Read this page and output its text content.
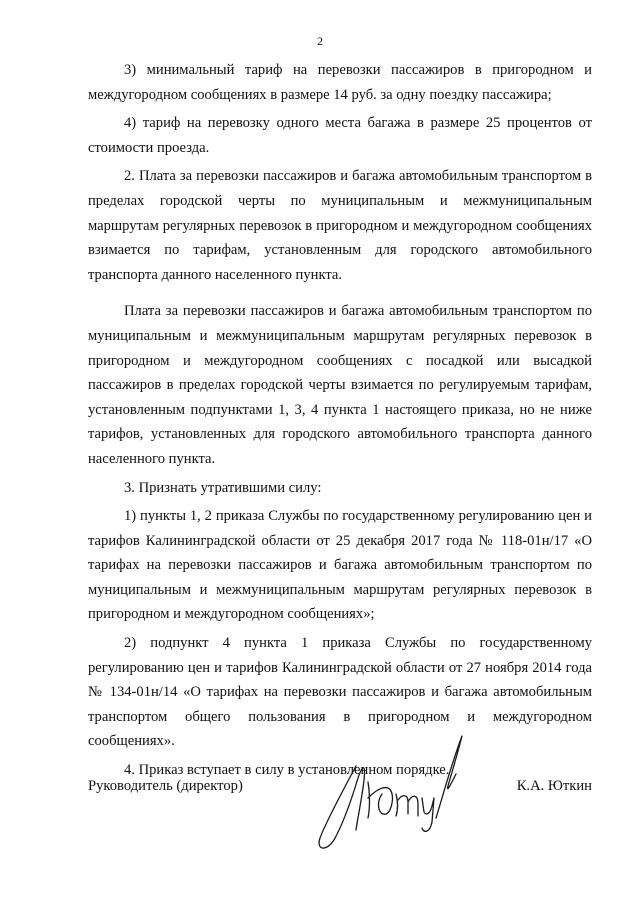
2

3) минимальный тариф на перевозки пассажиров в пригородном и междугородном сообщениях в размере 14 руб. за одну поездку пассажира;

4) тариф на перевозку одного места багажа в размере 25 процентов от стоимости проезда.

2. Плата за перевозки пассажиров и багажа автомобильным транспортом в пределах городской черты по муниципальным и межмуниципальным маршрутам регулярных перевозок в пригородном и междугородном сообщениях взимается по тарифам, установленным для городского автомобильного транспорта данного населенного пункта.

Плата за перевозки пассажиров и багажа автомобильным транспортом по муниципальным и межмуниципальным маршрутам регулярных перевозок в пригородном и междугородном сообщениях с посадкой или высадкой пассажиров в пределах городской черты взимается по регулируемым тарифам, установленным подпунктами 1, 3, 4 пункта 1 настоящего приказа, но не ниже тарифов, установленных для городского автомобильного транспорта данного населенного пункта.

3. Признать утратившими силу:

1) пункты 1, 2 приказа Службы по государственному регулированию цен и тарифов Калининградской области от 25 декабря 2017 года № 118-01н/17 «О тарифах на перевозки пассажиров и багажа автомобильным транспортом по муниципальным и межмуниципальным маршрутам регулярных перевозок в пригородном и междугородном сообщениях»;

2) подпункт 4 пункта 1 приказа Службы по государственному регулированию цен и тарифов Калининградской области от 27 ноября 2014 года № 134-01н/14 «О тарифах на перевозки пассажиров и багажа автомобильным транспортом общего пользования в пригородном и междугородном сообщениях».

4. Приказ вступает в силу в установленном порядке.

Руководитель (директор)	К.А. Юткин
